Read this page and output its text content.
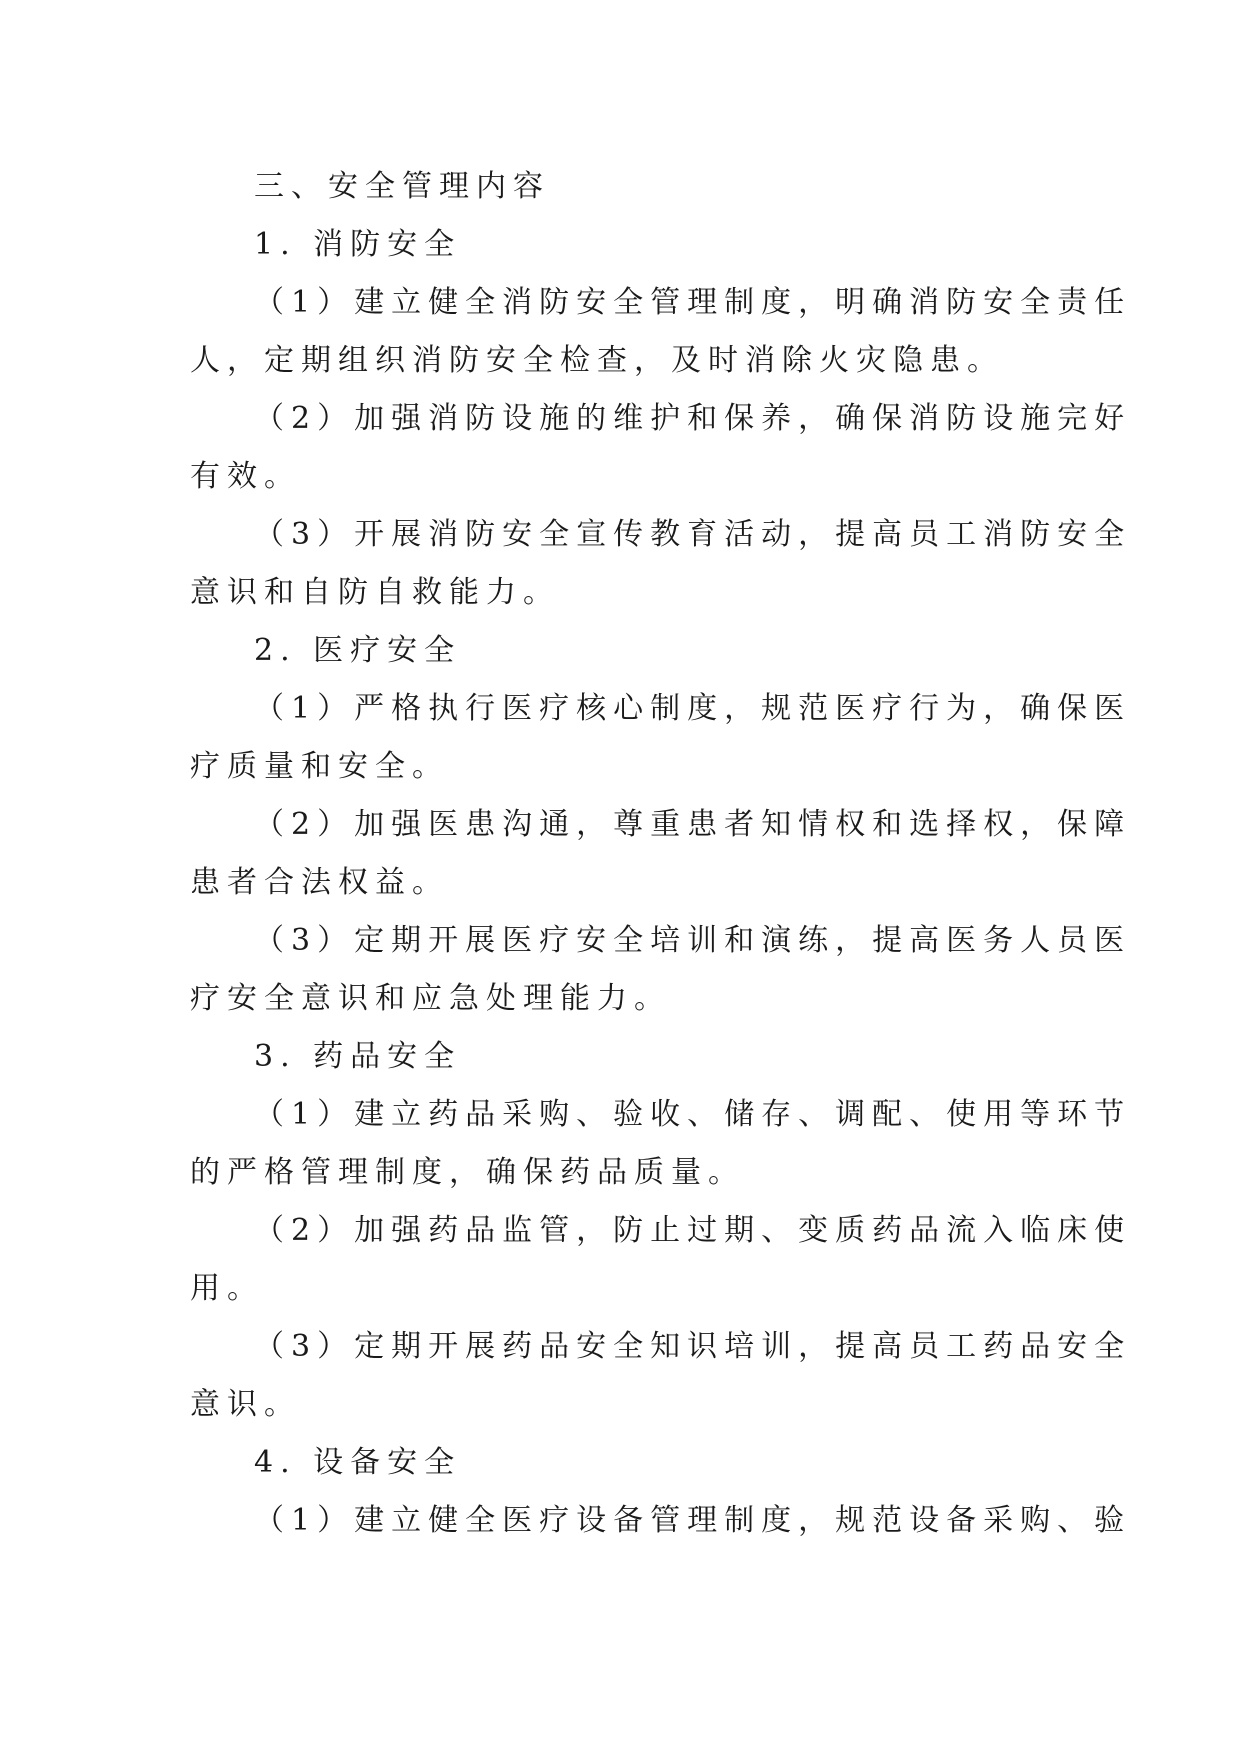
三、安全管理内容
1. 消防安全
（1）建立健全消防安全管理制度，明确消防安全责任
人，定期组织消防安全检查，及时消除火灾隐患。
（2）加强消防设施的维护和保养，确保消防设施完好
有效。
（3）开展消防安全宣传教育活动，提高员工消防安全
意识和自防自救能力。
2. 医疗安全
（1）严格执行医疗核心制度，规范医疗行为，确保医
疗质量和安全。
（2）加强医患沟通，尊重患者知情权和选择权，保障
患者合法权益。
（3）定期开展医疗安全培训和演练，提高医务人员医
疗安全意识和应急处理能力。
3. 药品安全
（1）建立药品采购、验收、储存、调配、使用等环节
的严格管理制度，确保药品质量。
（2）加强药品监管，防止过期、变质药品流入临床使
用。
（3）定期开展药品安全知识培训，提高员工药品安全
意识。
4. 设备安全
（1）建立健全医疗设备管理制度，规范设备采购、验
